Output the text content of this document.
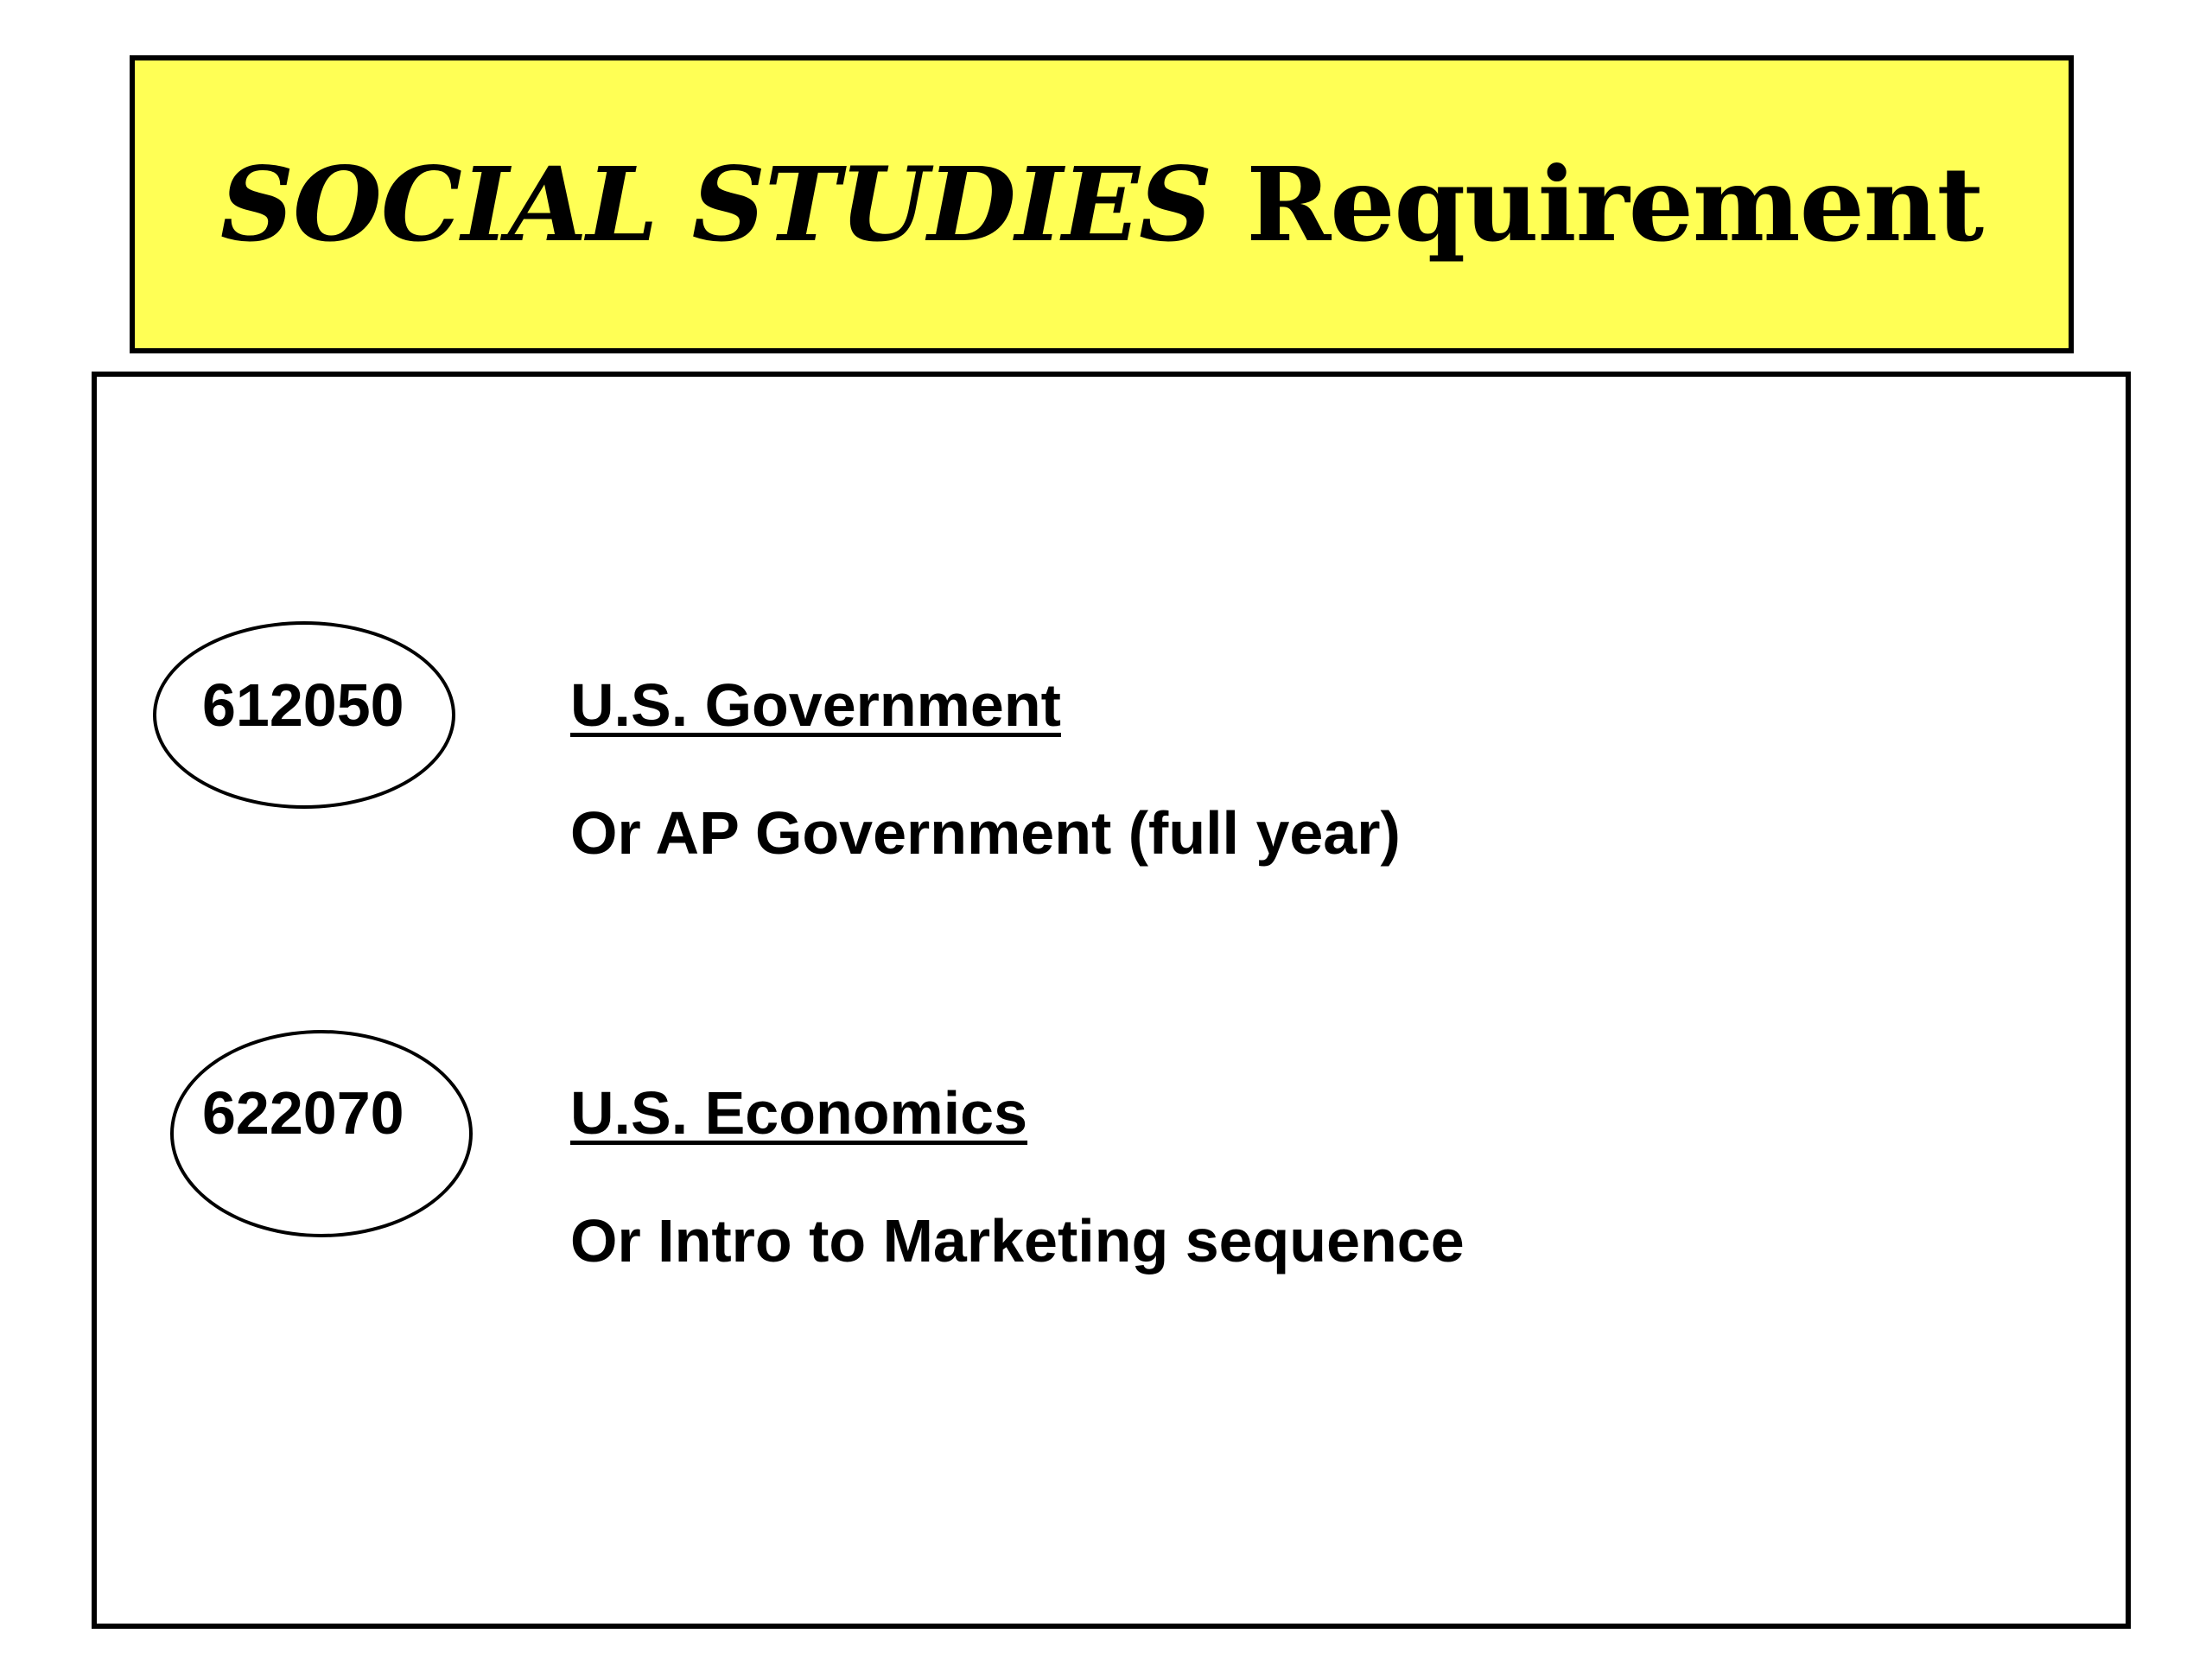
SOCIAL STUDIES Requirement
612050	U.S. Government
Or AP Government (full year)
622070	U.S. Economics
Or Intro to Marketing sequence
